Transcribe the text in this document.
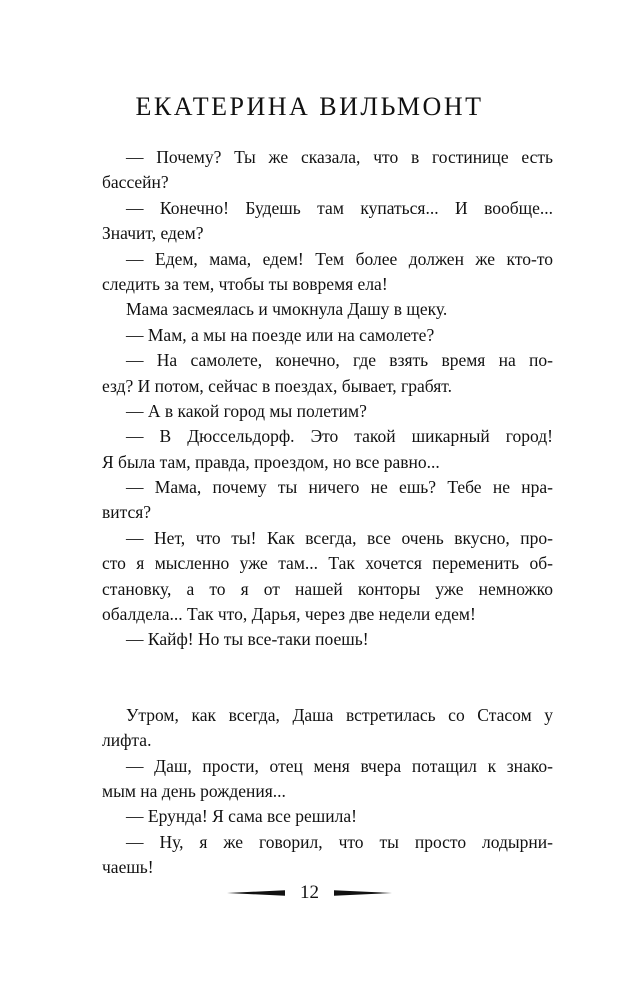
ЕКАТЕРИНА ВИЛЬМОНТ
— Почему? Ты же сказала, что в гостинице есть
бассейн?
— Конечно! Будешь там купаться... И вообще...
Значит, едем?
— Едем, мама, едем! Тем более должен же кто-то
следить за тем, чтобы ты вовремя ела!
Мама засмеялась и чмокнула Дашу в щеку.
— Мам, а мы на поезде или на самолете?
— На самолете, конечно, где взять время на по-
езд? И потом, сейчас в поездах, бывает, грабят.
— А в какой город мы полетим?
— В Дюссельдорф. Это такой шикарный город!
Я была там, правда, проездом, но все равно...
— Мама, почему ты ничего не ешь? Тебе не нра-
вится?
— Нет, что ты! Как всегда, все очень вкусно, про-
сто я мысленно уже там... Так хочется переменить об-
становку, а то я от нашей конторы уже немножко
обалдела... Так что, Дарья, через две недели едем!
— Кайф! Но ты все-таки поешь!
Утром, как всегда, Даша встретилась со Стасом у
лифта.
— Даш, прости, отец меня вчера потащил к знако-
мым на день рождения...
— Ерунда! Я сама все решила!
— Ну, я же говорил, что ты просто лодырни-
чаешь!
12
